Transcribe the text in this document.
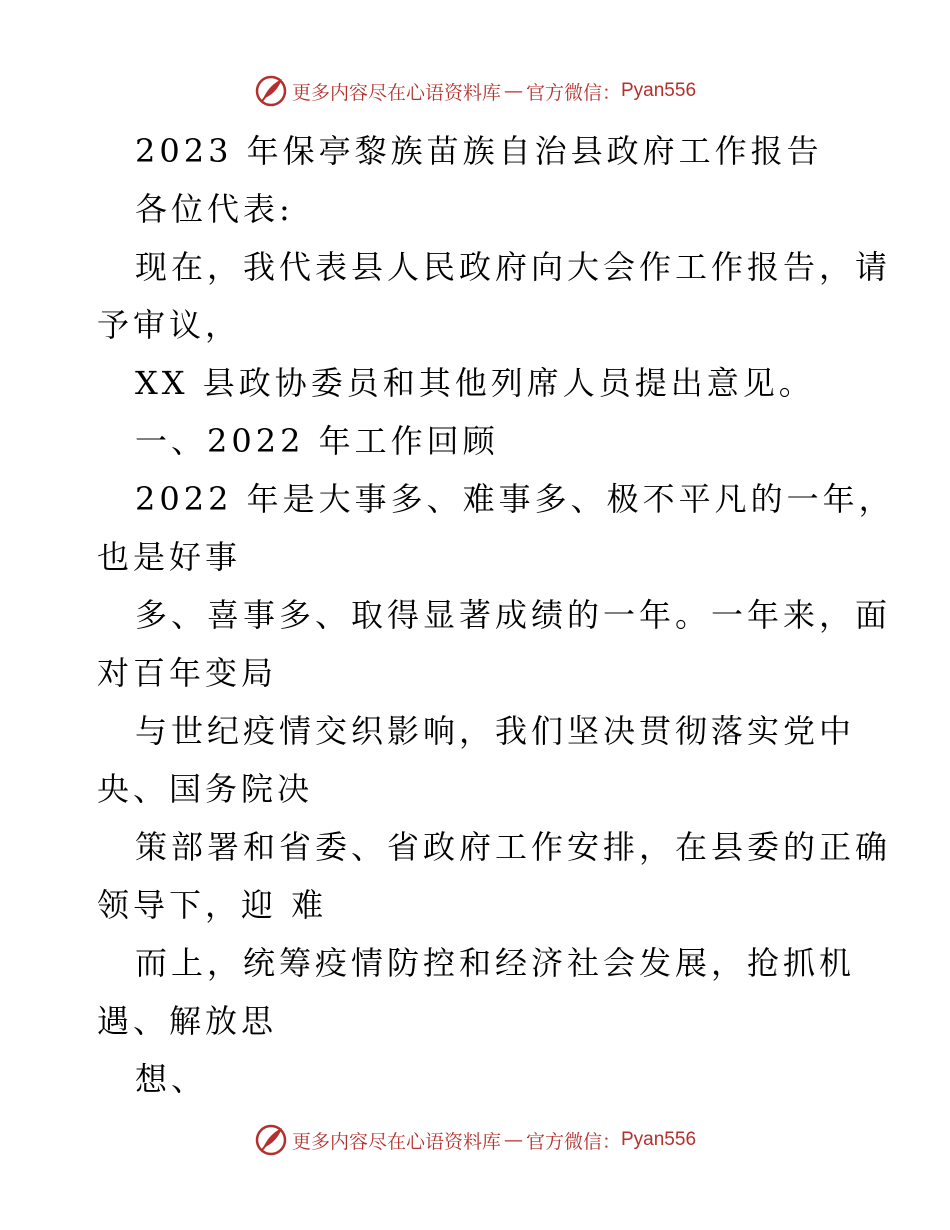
更多内容尽在心语资料库 — 官方微信： Pyan556
2023 年保亭黎族苗族自治县政府工作报告
各位代表:
现在，我代表县人民政府向大会作工作报告，请
予审议，
XX 县政协委员和其他列席人员提出意见。
一、2022 年工作回顾
2022 年是大事多、难事多、极不平凡的一年，
也是好事
多、喜事多、取得显著成绩的一年。一年来，面
对百年变局
与世纪疫情交织影响，我们坚决贯彻落实党中
央、国务院决
策部署和省委、省政府工作安排，在县委的正确
领导下，迎 难
而上，统筹疫情防控和经济社会发展，抢抓机
遇、解放思
想、
更多内容尽在心语资料库 — 官方微信： Pyan556
